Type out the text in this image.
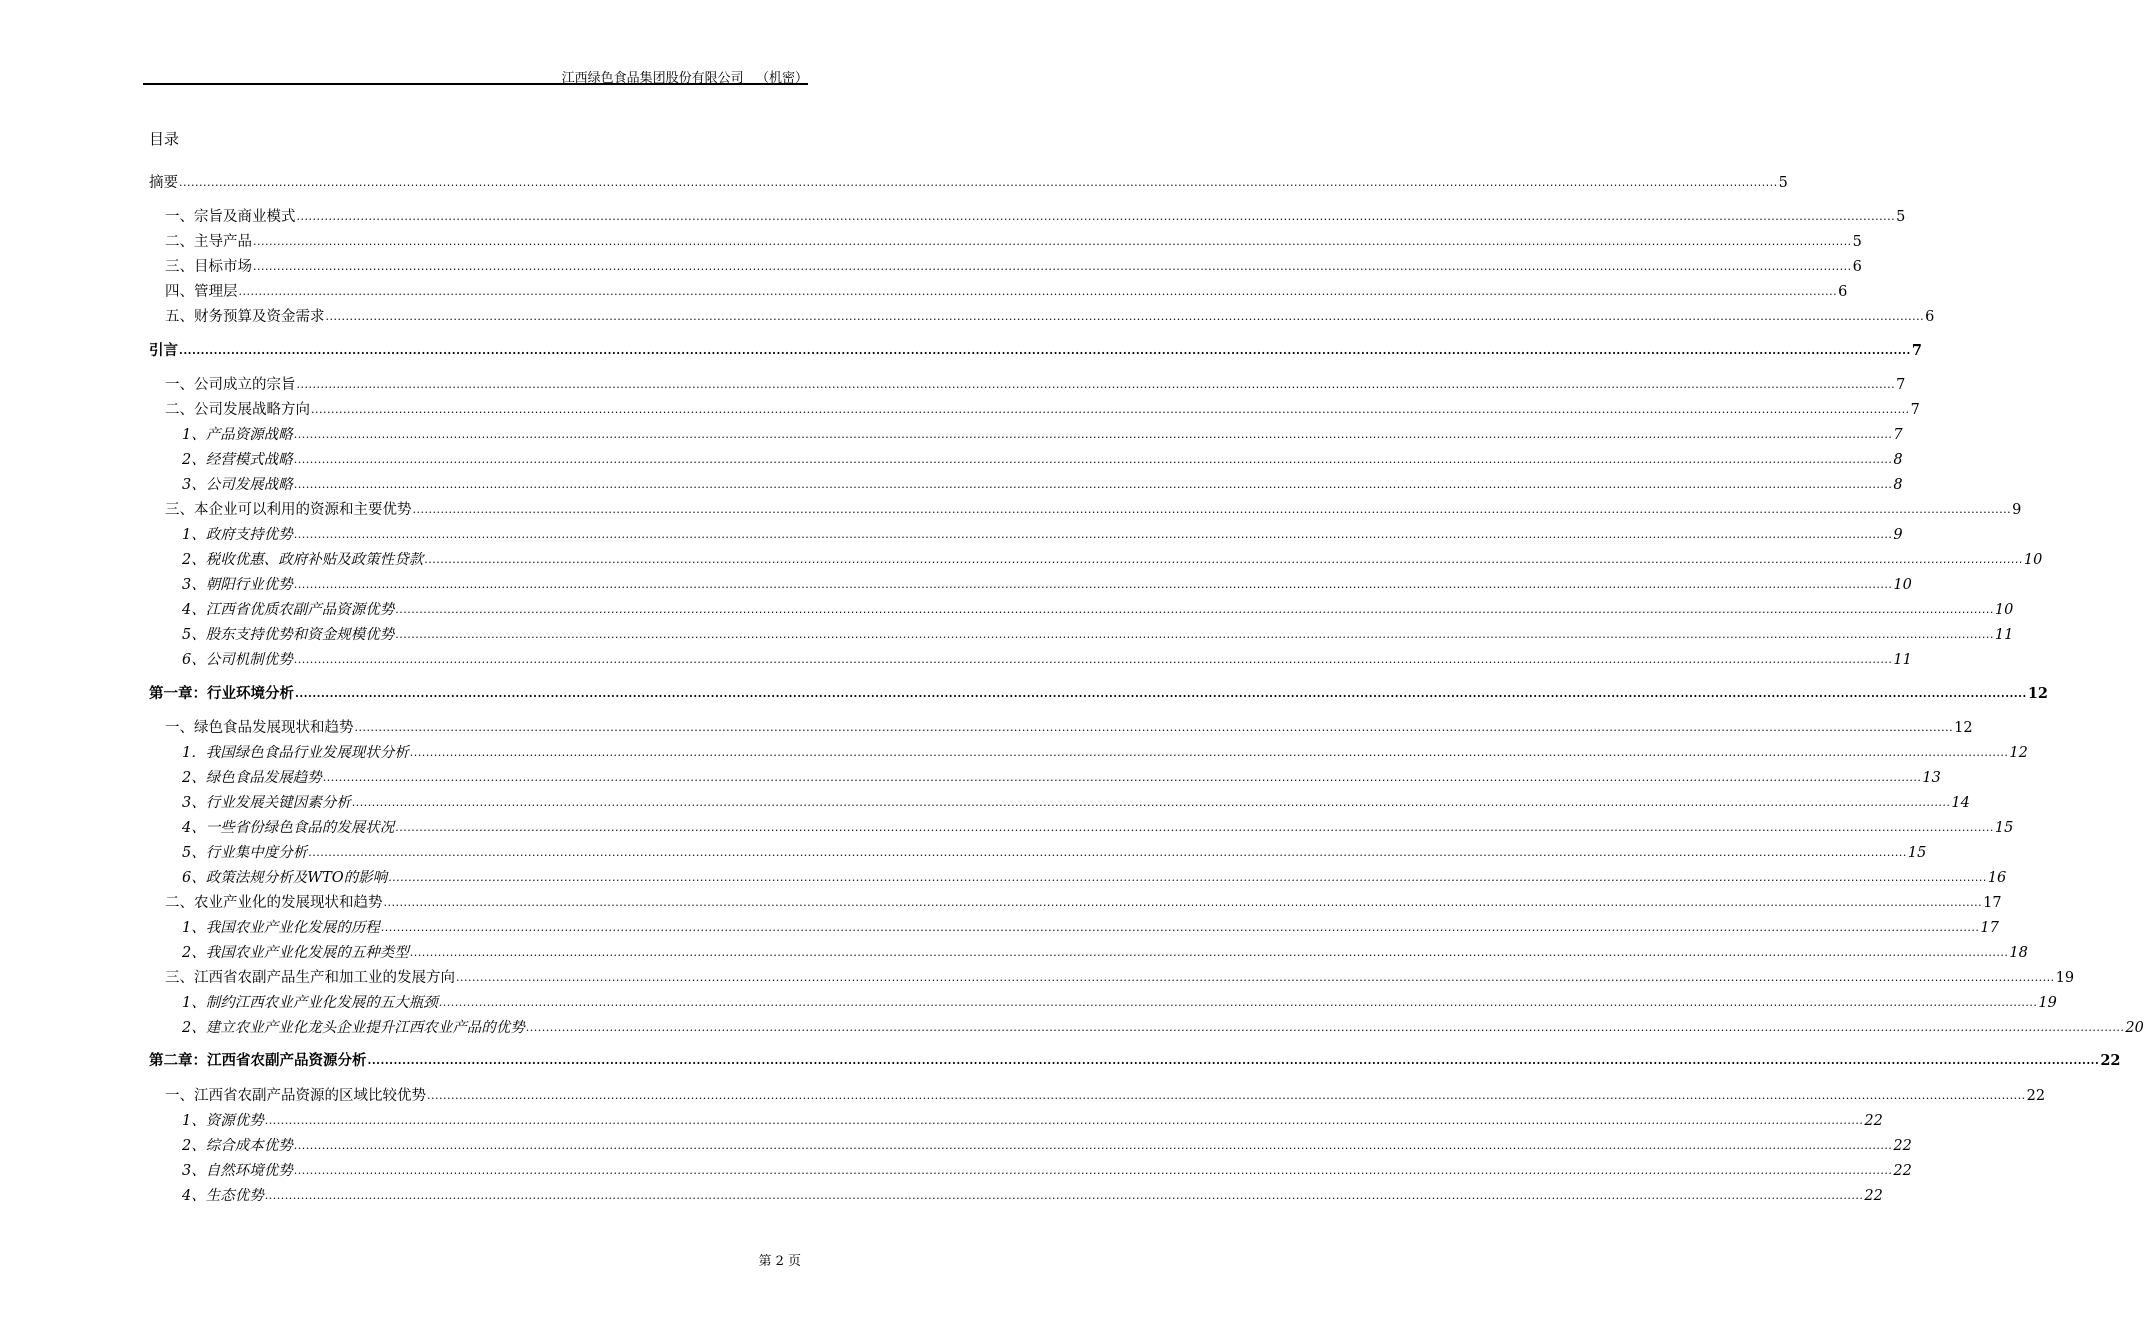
江西绿色食品集团股份有限公司 （机密）
目录
摘要 ................................................................................................................................................................................................................................................................................................................................................................................................................ 5
一、宗旨及商业模式 ................................................................................................................................................................................................................................................................................................................................................................................................................ 5
二、主导产品 ................................................................................................................................................................................................................................................................................................................................................................................................................ 5
三、目标市场 ................................................................................................................................................................................................................................................................................................................................................................................................................ 6
四、管理层 ................................................................................................................................................................................................................................................................................................................................................................................................................ 6
五、财务预算及资金需求 ................................................................................................................................................................................................................................................................................................................................................................................................................ 6
引言 ................................................................................................................................................................................................................................................................................................................................................................................................................ 7
一、公司成立的宗旨 ................................................................................................................................................................................................................................................................................................................................................................................................................ 7
二、公司发展战略方向 ................................................................................................................................................................................................................................................................................................................................................................................................................ 7
1、产品资源战略 ................................................................................................................................................................................................................................................................................................................................................................................................................ 7
2、经营模式战略 ................................................................................................................................................................................................................................................................................................................................................................................................................ 8
3、公司发展战略 ................................................................................................................................................................................................................................................................................................................................................................................................................ 8
三、本企业可以利用的资源和主要优势 ................................................................................................................................................................................................................................................................................................................................................................................................................ 9
1、政府支持优势 ................................................................................................................................................................................................................................................................................................................................................................................................................ 9
2、税收优惠、政府补贴及政策性贷款 ................................................................................................................................................................................................................................................................................................................................................................................................................ 10
3、朝阳行业优势 ................................................................................................................................................................................................................................................................................................................................................................................................................ 10
4、江西省优质农副产品资源优势 ................................................................................................................................................................................................................................................................................................................................................................................................................ 10
5、股东支持优势和资金规模优势 ................................................................................................................................................................................................................................................................................................................................................................................................................ 11
6、公司机制优势 ................................................................................................................................................................................................................................................................................................................................................................................................................ 11
第一章：行业环境分析 ................................................................................................................................................................................................................................................................................................................................................................................................................ 12
一、绿色食品发展现状和趋势 ................................................................................................................................................................................................................................................................................................................................................................................................................ 12
1．我国绿色食品行业发展现状分析 ................................................................................................................................................................................................................................................................................................................................................................................................................ 12
2、绿色食品发展趋势 ................................................................................................................................................................................................................................................................................................................................................................................................................ 13
3、行业发展关键因素分析 ................................................................................................................................................................................................................................................................................................................................................................................................................ 14
4、一些省份绿色食品的发展状况 ................................................................................................................................................................................................................................................................................................................................................................................................................ 15
5、行业集中度分析 ................................................................................................................................................................................................................................................................................................................................................................................................................ 15
6、政策法规分析及WTO的影响 ................................................................................................................................................................................................................................................................................................................................................................................................................ 16
二、农业产业化的发展现状和趋势 ................................................................................................................................................................................................................................................................................................................................................................................................................ 17
1、我国农业产业化发展的历程 ................................................................................................................................................................................................................................................................................................................................................................................................................ 17
2、我国农业产业化发展的五种类型 ................................................................................................................................................................................................................................................................................................................................................................................................................ 18
三、江西省农副产品生产和加工业的发展方向 ................................................................................................................................................................................................................................................................................................................................................................................................................ 19
1、制约江西农业产业化发展的五大瓶颈 ................................................................................................................................................................................................................................................................................................................................................................................................................ 19
2、建立农业产业化龙头企业提升江西农业产品的优势 ................................................................................................................................................................................................................................................................................................................................................................................................................ 20
第二章：江西省农副产品资源分析 ................................................................................................................................................................................................................................................................................................................................................................................................................ 22
一、江西省农副产品资源的区域比较优势 ................................................................................................................................................................................................................................................................................................................................................................................................................ 22
1、资源优势 ................................................................................................................................................................................................................................................................................................................................................................................................................ 22
2、综合成本优势 ................................................................................................................................................................................................................................................................................................................................................................................................................ 22
3、自然环境优势 ................................................................................................................................................................................................................................................................................................................................................................................................................ 22
4、生态优势 ................................................................................................................................................................................................................................................................................................................................................................................................................ 22
第 2 页
